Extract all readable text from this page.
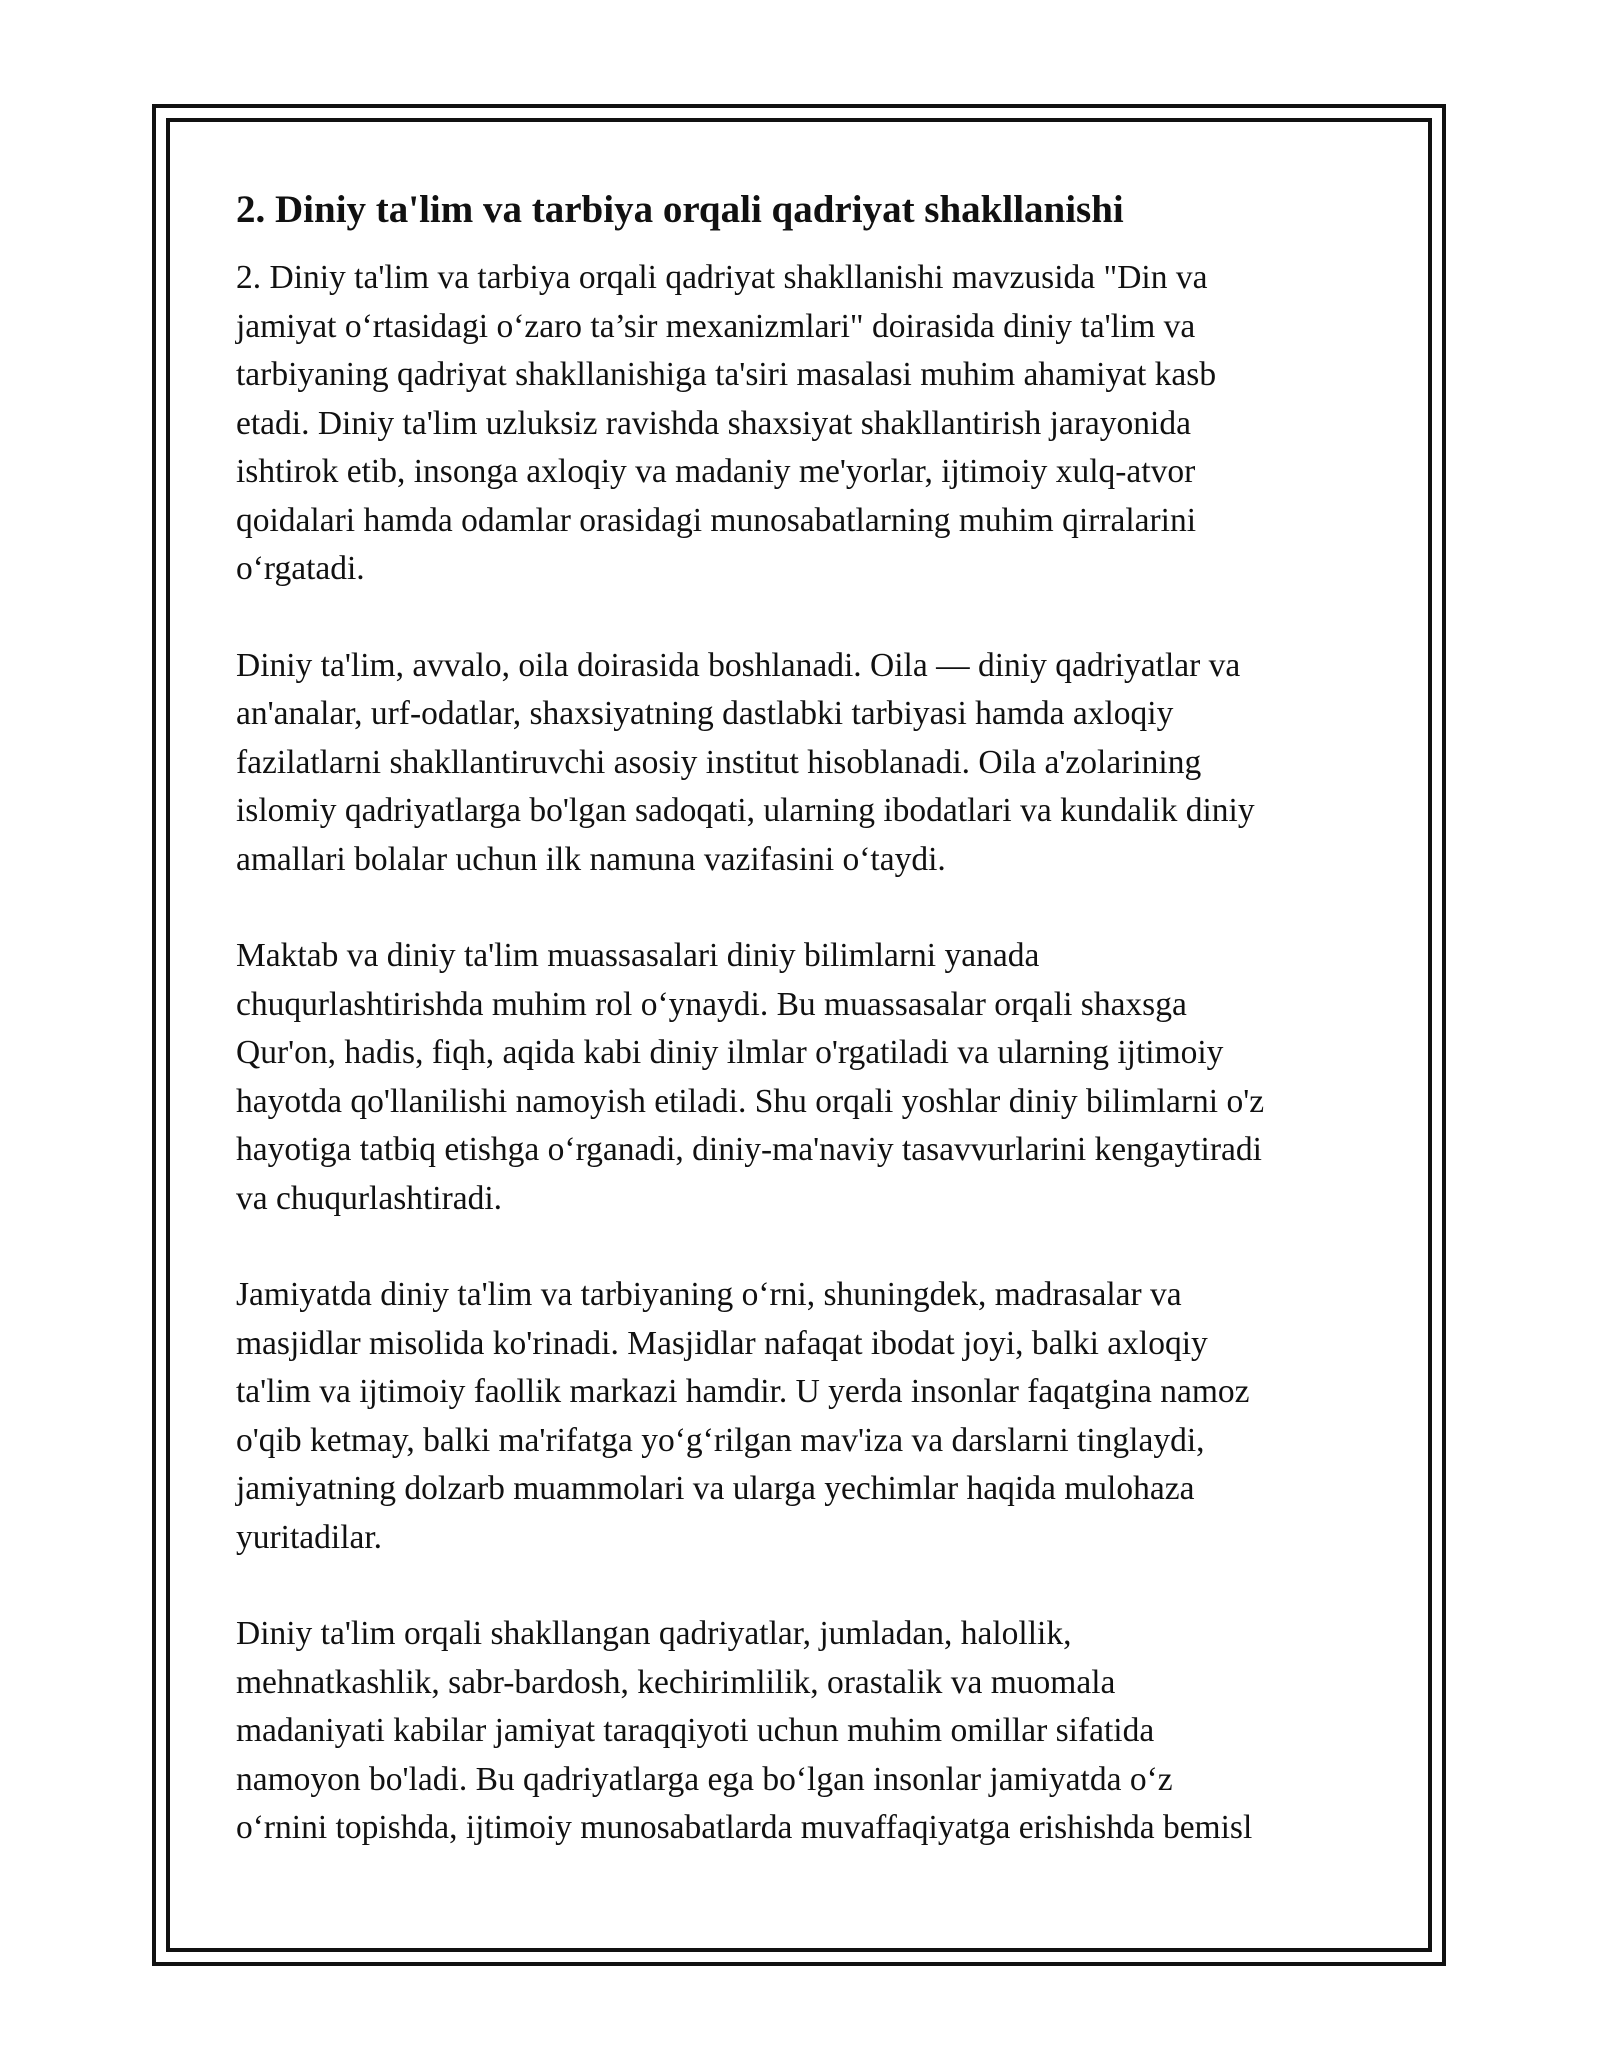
2. Diniy ta'lim va tarbiya orqali qadriyat shakllanishi
2. Diniy ta'lim va tarbiya orqali qadriyat shakllanishi mavzusida "Din va
jamiyat o‘rtasidagi o‘zaro ta’sir mexanizmlari" doirasida diniy ta'lim va
tarbiyaning qadriyat shakllanishiga ta'siri masalasi muhim ahamiyat kasb
etadi. Diniy ta'lim uzluksiz ravishda shaxsiyat shakllantirish jarayonida
ishtirok etib, insonga axloqiy va madaniy me'yorlar, ijtimoiy xulq-atvor
qoidalari hamda odamlar orasidagi munosabatlarning muhim qirralarini
o‘rgatadi.
Diniy ta'lim, avvalo, oila doirasida boshlanadi. Oila — diniy qadriyatlar va
an'analar, urf-odatlar, shaxsiyatning dastlabki tarbiyasi hamda axloqiy
fazilatlarni shakllantiruvchi asosiy institut hisoblanadi. Oila a'zolarining
islomiy qadriyatlarga bo'lgan sadoqati, ularning ibodatlari va kundalik diniy
amallari bolalar uchun ilk namuna vazifasini o‘taydi.
Maktab va diniy ta'lim muassasalari diniy bilimlarni yanada
chuqurlashtirishda muhim rol o‘ynaydi. Bu muassasalar orqali shaxsga
Qur'on, hadis, fiqh, aqida kabi diniy ilmlar o'rgatiladi va ularning ijtimoiy
hayotda qo'llanilishi namoyish etiladi. Shu orqali yoshlar diniy bilimlarni o'z
hayotiga tatbiq etishga o‘rganadi, diniy-ma'naviy tasavvurlarini kengaytiradi
va chuqurlashtiradi.
Jamiyatda diniy ta'lim va tarbiyaning o‘rni, shuningdek, madrasalar va
masjidlar misolida ko'rinadi. Masjidlar nafaqat ibodat joyi, balki axloqiy
ta'lim va ijtimoiy faollik markazi hamdir. U yerda insonlar faqatgina namoz
o'qib ketmay, balki ma'rifatga yo‘g‘rilgan mav'iza va darslarni tinglaydi,
jamiyatning dolzarb muammolari va ularga yechimlar haqida mulohaza
yuritadilar.
Diniy ta'lim orqali shakllangan qadriyatlar, jumladan, halollik,
mehnatkashlik, sabr-bardosh, kechirimlilik, orastalik va muomala
madaniyati kabilar jamiyat taraqqiyoti uchun muhim omillar sifatida
namoyon bo'ladi. Bu qadriyatlarga ega bo‘lgan insonlar jamiyatda o‘z
o‘rnini topishda, ijtimoiy munosabatlarda muvaffaqiyatga erishishda bemisl
